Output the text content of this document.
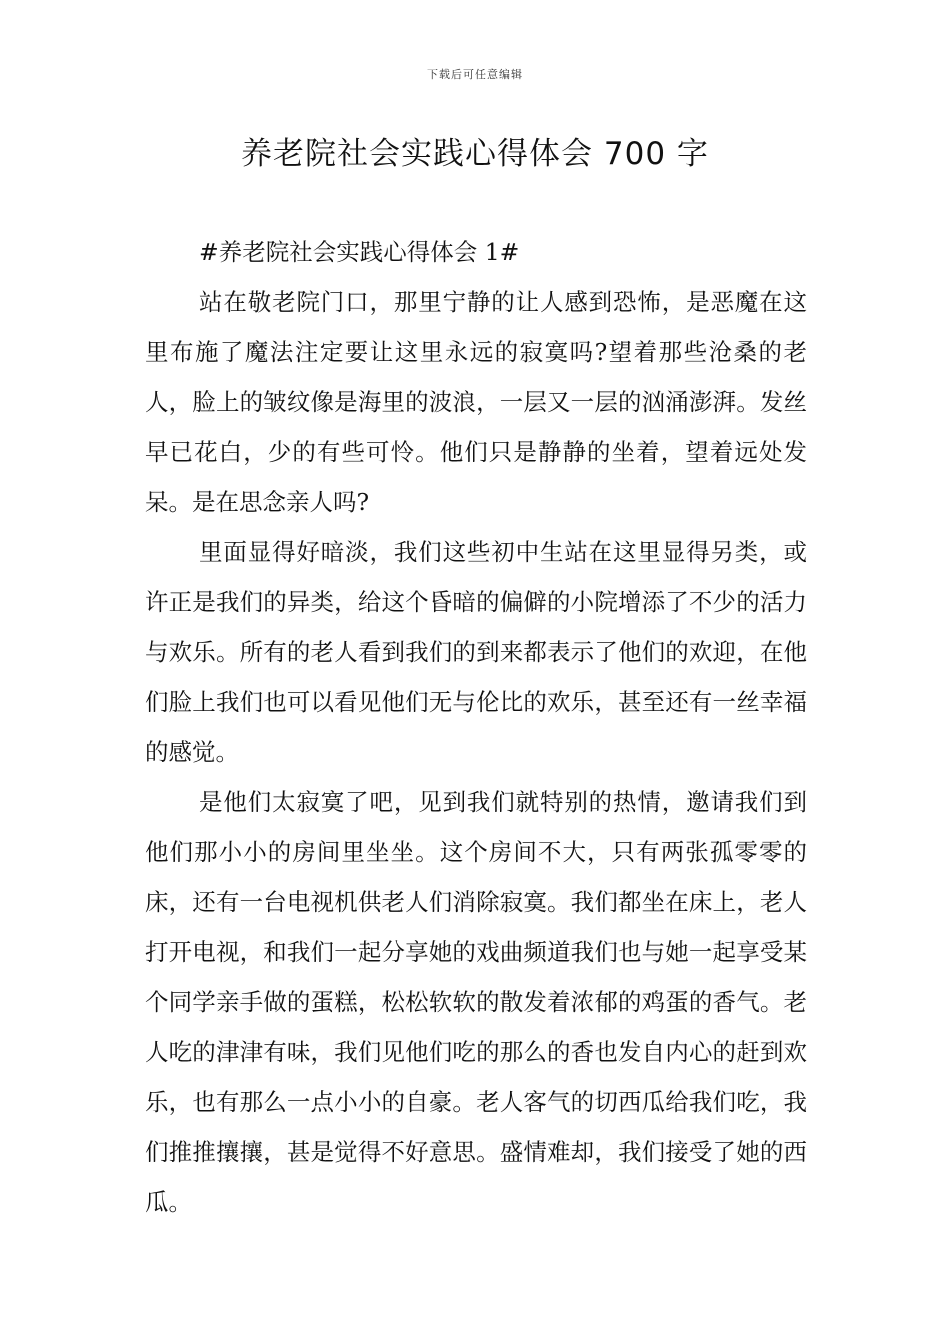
下载后可任意编辑
养老院社会实践心得体会 700 字

#养老院社会实践心得体会 1#

站在敬老院门口，那里宁静的让人感到恐怖，是恶魔在这里布施了魔法注定要让这里永远的寂寞吗?望着那些沧桑的老人，脸上的皱纹像是海里的波浪，一层又一层的汹涌澎湃。发丝早已花白，少的有些可怜。他们只是静静的坐着，望着远处发呆。是在思念亲人吗?

里面显得好暗淡，我们这些初中生站在这里显得另类，或许正是我们的异类，给这个昏暗的偏僻的小院增添了不少的活力与欢乐。所有的老人看到我们的到来都表示了他们的欢迎，在他们脸上我们也可以看见他们无与伦比的欢乐，甚至还有一丝幸福的感觉。

是他们太寂寞了吧，见到我们就特别的热情，邀请我们到他们那小小的房间里坐坐。这个房间不大，只有两张孤零零的床，还有一台电视机供老人们消除寂寞。我们都坐在床上，老人打开电视，和我们一起分享她的戏曲频道我们也与她一起享受某个同学亲手做的蛋糕，松松软软的散发着浓郁的鸡蛋的香气。老人吃的津津有味，我们见他们吃的那么的香也发自内心的赶到欢乐，也有那么一点小小的自豪。老人客气的切西瓜给我们吃，我们推推攘攘，甚是觉得不好意思。盛情难却，我们接受了她的西瓜。
